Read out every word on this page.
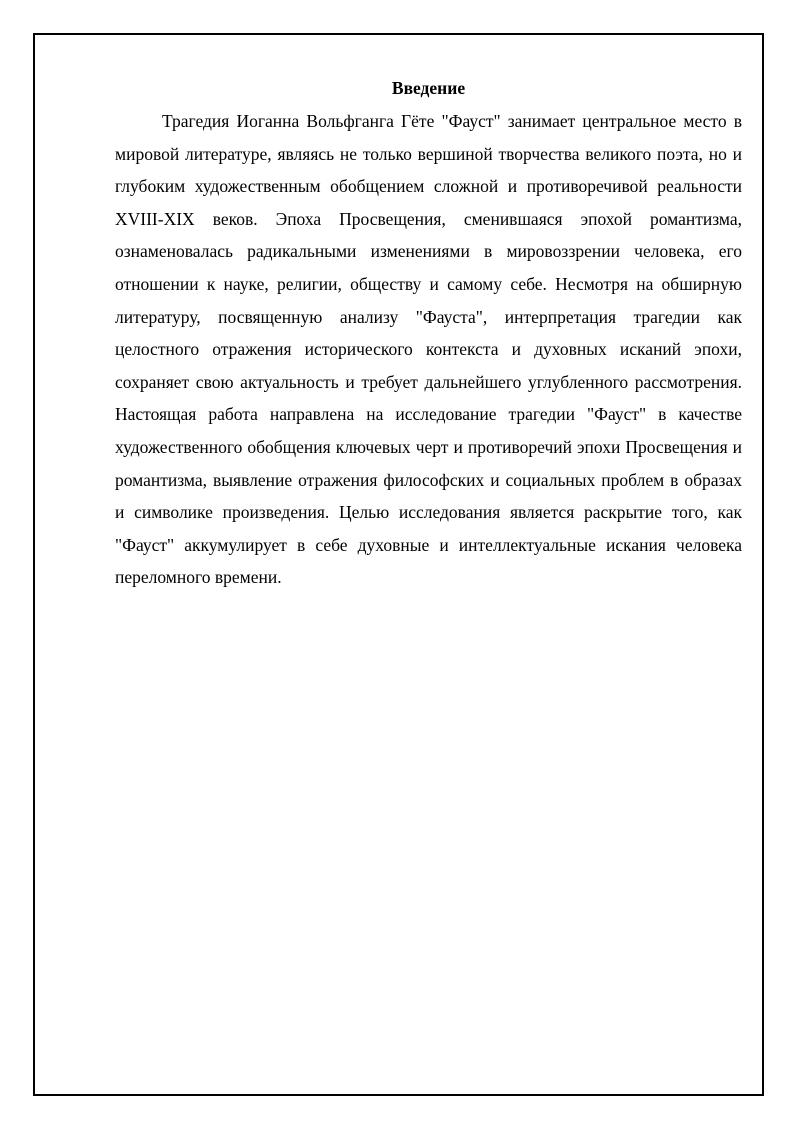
Введение

Трагедия Иоганна Вольфганга Гёте "Фауст" занимает центральное место в мировой литературе, являясь не только вершиной творчества великого поэта, но и глубоким художественным обобщением сложной и противоречивой реальности XVIII-XIX веков. Эпоха Просвещения, сменившаяся эпохой романтизма, ознаменовалась радикальными изменениями в мировоззрении человека, его отношении к науке, религии, обществу и самому себе. Несмотря на обширную литературу, посвященную анализу "Фауста", интерпретация трагедии как целостного отражения исторического контекста и духовных исканий эпохи, сохраняет свою актуальность и требует дальнейшего углубленного рассмотрения. Настоящая работа направлена на исследование трагедии "Фауст" в качестве художественного обобщения ключевых черт и противоречий эпохи Просвещения и романтизма, выявление отражения философских и социальных проблем в образах и символике произведения. Целью исследования является раскрытие того, как "Фауст" аккумулирует в себе духовные и интеллектуальные искания человека переломного времени.
